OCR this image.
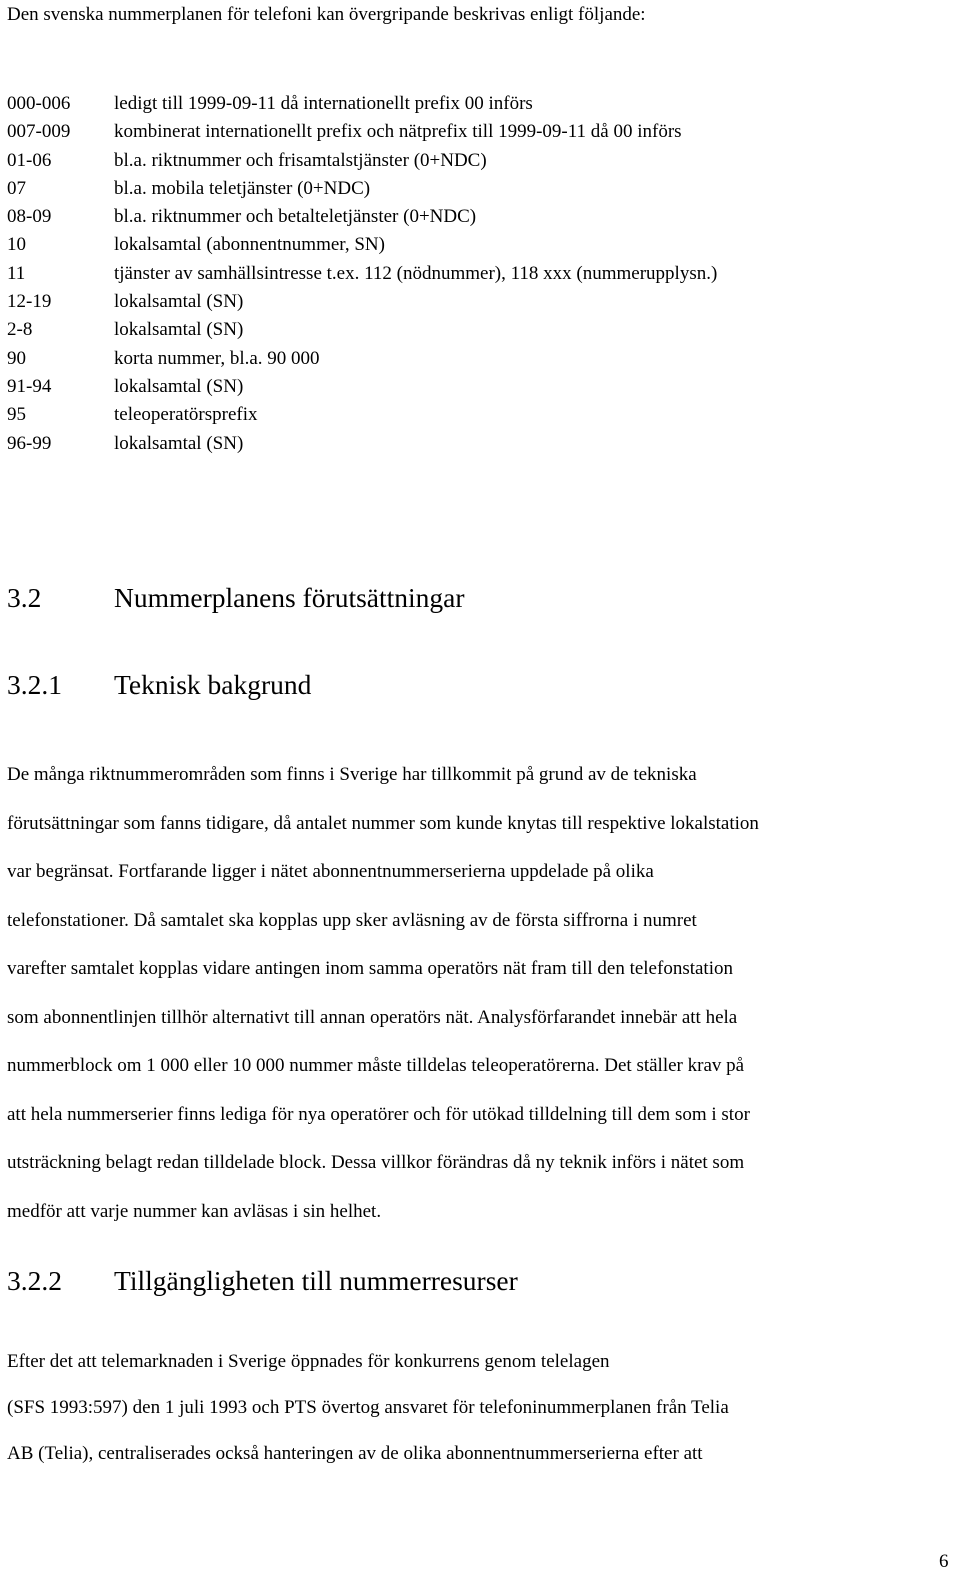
Den svenska nummerplanen för telefoni kan övergripande beskrivas enligt följande:
000-006	ledigt till 1999-09-11 då internationellt prefix 00 införs
007-009	kombinerat internationellt prefix och nätprefix till 1999-09-11 då 00 införs
01-06	bl.a. riktnummer och frisamtalstjänster (0+NDC)
07	bl.a. mobila teletjänster (0+NDC)
08-09	bl.a. riktnummer och betalteletjänster (0+NDC)
10	lokalsamtal (abonnentnummer, SN)
11	tjänster av samhällsintresse t.ex. 112 (nödnummer), 118 xxx (nummerupplysn.)
12-19	lokalsamtal (SN)
2-8	lokalsamtal (SN)
90	korta nummer, bl.a. 90 000
91-94	lokalsamtal (SN)
95	teleoperatörsprefix
96-99	lokalsamtal (SN)
3.2	Nummerplanens förutsättningar
3.2.1	Teknisk bakgrund
De många riktnummerområden som finns i Sverige har tillkommit på grund av de tekniska
förutsättningar som fanns tidigare, då antalet nummer som kunde knytas till respektive lokalstation
var begränsat. Fortfarande ligger i nätet abonnentnummerserierna uppdelade på olika
telefonstationer. Då samtalet ska kopplas upp sker avläsning av de första siffrorna i numret
varefter samtalet kopplas vidare antingen inom samma operatörs nät fram till den telefonstation
som abonnentlinjen tillhör alternativt till annan operatörs nät. Analysförfarandet innebär att hela
nummerblock om 1 000 eller 10 000 nummer måste tilldelas teleoperatörerna. Det ställer krav på
att hela nummerserier finns lediga för nya operatörer och för utökad tilldelning till dem som i stor
utsträckning belagt redan tilldelade block. Dessa villkor förändras då ny teknik införs i nätet som
medför att varje nummer kan avläsas i sin helhet.
3.2.2	Tillgängligheten till nummerresurser
Efter det att telemarknaden i Sverige öppnades för konkurrens genom telelagen
(SFS 1993:597) den 1 juli 1993 och PTS övertog ansvaret för telefoninummerplanen från Telia
AB (Telia), centraliserades också hanteringen av de olika abonnentnummerserierna efter att
6
